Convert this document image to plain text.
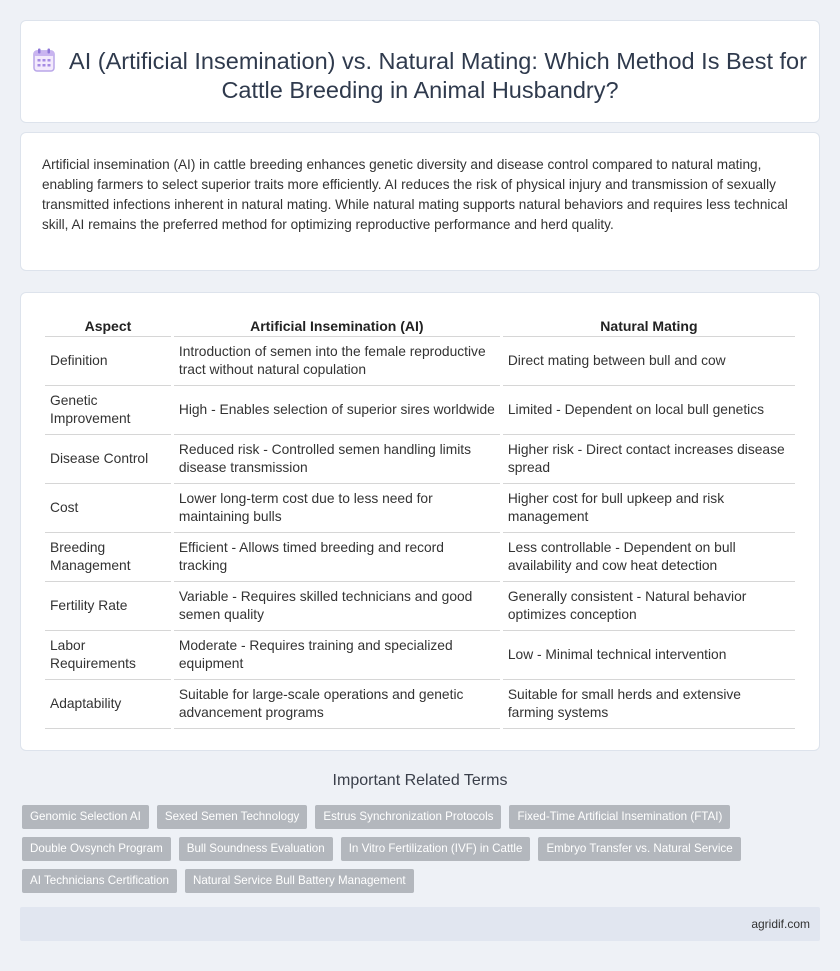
AI (Artificial Insemination) vs. Natural Mating: Which Method Is Best for Cattle Breeding in Animal Husbandry?

Artificial insemination (AI) in cattle breeding enhances genetic diversity and disease control compared to natural mating, enabling farmers to select superior traits more efficiently. AI reduces the risk of physical injury and transmission of sexually transmitted infections inherent in natural mating. While natural mating supports natural behaviors and requires less technical skill, AI remains the preferred method for optimizing reproductive performance and herd quality.

Aspect	Artificial Insemination (AI)	Natural Mating
Definition	Introduction of semen into the female reproductive tract without natural copulation	Direct mating between bull and cow
Genetic Improvement	High - Enables selection of superior sires worldwide	Limited - Dependent on local bull genetics
Disease Control	Reduced risk - Controlled semen handling limits disease transmission	Higher risk - Direct contact increases disease spread
Cost	Lower long-term cost due to less need for maintaining bulls	Higher cost for bull upkeep and risk management
Breeding Management	Efficient - Allows timed breeding and record tracking	Less controllable - Dependent on bull availability and cow heat detection
Fertility Rate	Variable - Requires skilled technicians and good semen quality	Generally consistent - Natural behavior optimizes conception
Labor Requirements	Moderate - Requires training and specialized equipment	Low - Minimal technical intervention
Adaptability	Suitable for large-scale operations and genetic advancement programs	Suitable for small herds and extensive farming systems
Important Related Terms
Genomic Selection AI	Sexed Semen Technology	Estrus Synchronization Protocols	Fixed-Time Artificial Insemination (FTAI)
Double Ovsynch Program	Bull Soundness Evaluation	In Vitro Fertilization (IVF) in Cattle	Embryo Transfer vs. Natural Service
AI Technicians Certification	Natural Service Bull Battery Management
agridif.com
